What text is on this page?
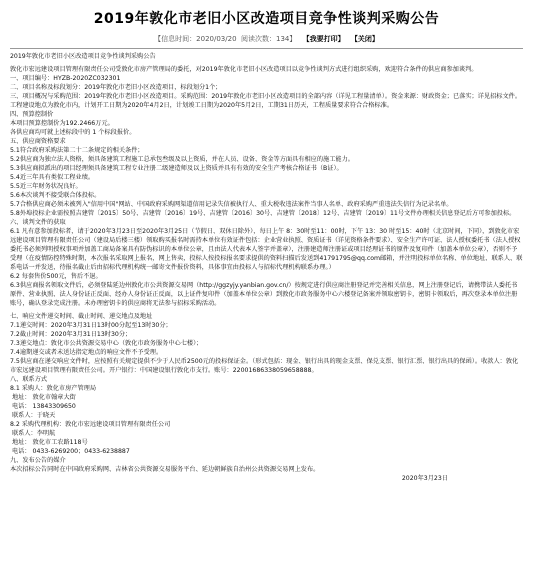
2019年敦化市老旧小区改造项目竞争性谈判采购公告
【信息时间：2020/03/20 阅读次数：134】 【我要打印】 【关闭】

2019年敦化市老旧小区改造项目竞争性谈判采购公告

敦化市宏远建设项目管理有限责任公司受敦化市房产管理局的委托，对2019年敦化市老旧小区改造项目以竞争性谈判方式进行组织采购，欢迎符合条件的供应商参加谈判。

一、项目编号：HYZB-2020ZC032301

二、项目名称及标段划分：2019年敦化市老旧小区改造项目，标段划分1个；

三、项目概况与采购范围：2019年敦化市老旧小区改造项目。采购范围：2019年敦化市老旧小区改造项目的全部内容（详见工程量清单）。资金来源：财政资金；已落实；详见招标文件。工程建设地点为敦化市内，计划开工日期为2020年4月2日，计划竣工日期为2020年5月2日，工期31日历天，工程质量要求符合合格标准。

四、预算控制价

本项目预算控制价为192.2466万元。

各供应商均可就上述标段中的 1 个标段报价。

五、供应商资格要求

5.1符合政府采购法第二十二条规定的相关条件；

5.2供应商为独立法人资格，须具备建筑工程施工总承包叁级及以上资质，并在人员、设备、资金等方面具有相应的施工能力。

5.3供应商拟派出的项目经理须具备建筑工程专业注册二级建造师及以上资质并具有有效的安全生产考核合格证书（B证）。

5.4近三年具有类似工程业绩。

5.5近三年财务状况良好。

5.6本次谈判不接受联合体投标。

5.7合格供应商必须未被列入"信用中国"网站、中国政府采购网渠道信用记录失信被执行人、重大税收违法案件当事人名单、政府采购严重违法失信行为记录名单。

5.8外埠投标企业需按照吉建管〔2015〕50号、吉建管〔2016〕19号、吉建管〔2016〕30号、吉建管〔2018〕12号、吉建管〔2019〕11号文件办理相关信息登记后方可参加投标。

六、谈判文件的获取

6.1 凡有意参加投标者，请于2020年3月23日至2020年3月25日（节假日、双休日除外），每日上午 8：30时至11：00时，下午 13：30 时至15：40时（北京时间，下同），到敦化市宏远建设项目管理有限责任公司（建设局后楼三楼）领取购买报名时需持本单位有效证件包括：企业营业执照、资质证书（详见资格条件要求）、安全生产许可证、法人授权委托书（法人授权委托书必须列明授权事项并加盖工商局备案具有防伪标识的本单位公章，且由法人代表本人签字并盖章），注册建造师注册证或项目经理证书的原件及复印件（加盖本单位公章），否则不予受理（在疫情防控特殊时期，本次报名采取网上报名，网上售卖，投标人按投标报名要求提供的资料扫描后发送到41791795@qq.com邮箱，并注明投标单位名称、单位地址、联系人、联系电话一并发送，待报名截止后由招标代理机构统一邮寄文件报价资料，具体事宜由投标人与招标代理机构联系办理。）

6.2 每套售价500元，售后不退。

6.3供应商报名领取文件后，必须登陆延边州敦化市公共资源交易网（http://ggzyjy.yanbian.gov.cn/）按规定进行供应商注册登记并完善相关信息，网上注册登记后，请携带法人委托书原件、营业执照、法人身份证正反面、经办人身份证正反面，以上证件复印件（加盖本单位公章）到敦化市政务服务中心六楼登记备案并领取密钥卡，密钥卡领取后，再次登录本单位注册账号，确认登录完成注册。未办理密钥卡的供应商将无法参与招标采购活动。

七、响应文件递交时间、截止时间、递交地点及地址

7.1递交时间：2020年3月31日13时00分起至13时30分；

7.2截止时间：2020年3月31日13时30分；

7.3递交地点：敦化市公共资源交易中心（敦化市政务服务中心七楼）；

7.4逾期递交或者未送达指定地点的响应文件不予受理。

7.5供应商在递交响应文件时，应按照有关规定提供不少于人民币2500元的投标保证金。（形式包括：现金、银行出具的现金支票、保兑支票、银行汇票、银行出具的保函）。收款人：敦化市宏远建设项目管理有限责任公司。开户银行：中国建设银行敦化市支行。账号：22001686338059658888。

八、联系方式

8.1 采购人：敦化市房产管理局

地址： 敦化市翰章大街

电话： 13843309650

联系人：于晓天

8.2 采购代理机构：敦化市宏远建设项目管理有限责任公司

联系人：李明航

地址： 敦化市工农路118号

电话： 0433-6269200；0433-6238887

九、发布公告的媒介

本次招标公告同时在中国政府采购网、吉林省公共资源交易服务平台、延边朝鲜族自治州公共资源交易网上发布。

2020年3月23日
